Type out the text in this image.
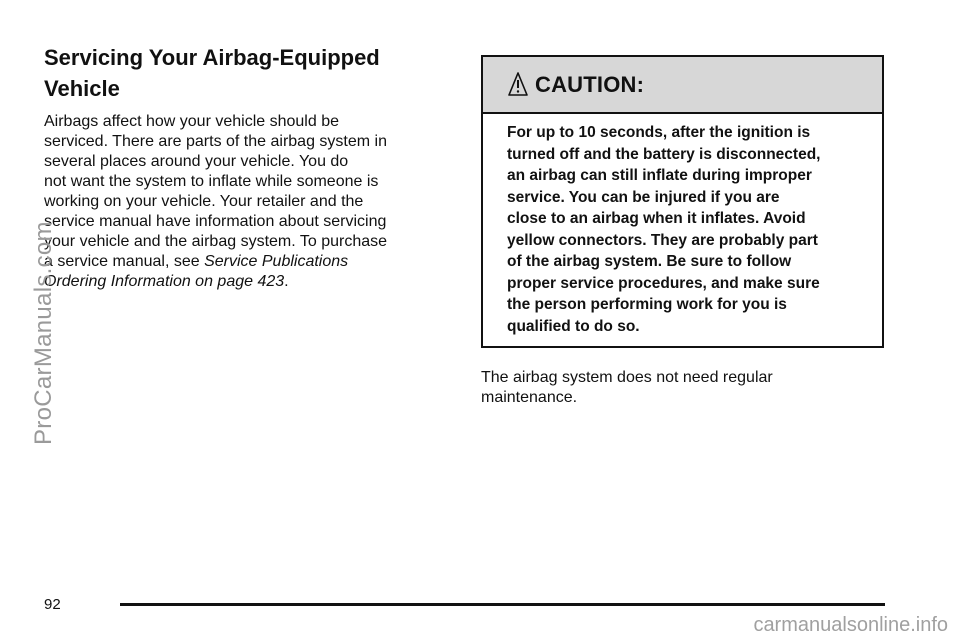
Servicing Your Airbag-Equipped
Vehicle
Airbags affect how your vehicle should be
serviced. There are parts of the airbag system in
several places around your vehicle. You do
not want the system to inflate while someone is
working on your vehicle. Your retailer and the
service manual have information about servicing
your vehicle and the airbag system. To purchase
a service manual, see Service Publications
Ordering Information on page 423.
CAUTION:
For up to 10 seconds, after the ignition is
turned off and the battery is disconnected,
an airbag can still inflate during improper
service. You can be injured if you are
close to an airbag when it inflates. Avoid
yellow connectors. They are probably part
of the airbag system. Be sure to follow
proper service procedures, and make sure
the person performing work for you is
qualified to do so.
The airbag system does not need regular
maintenance.
92
ProCarManuals.com
carmanualsonline.info
